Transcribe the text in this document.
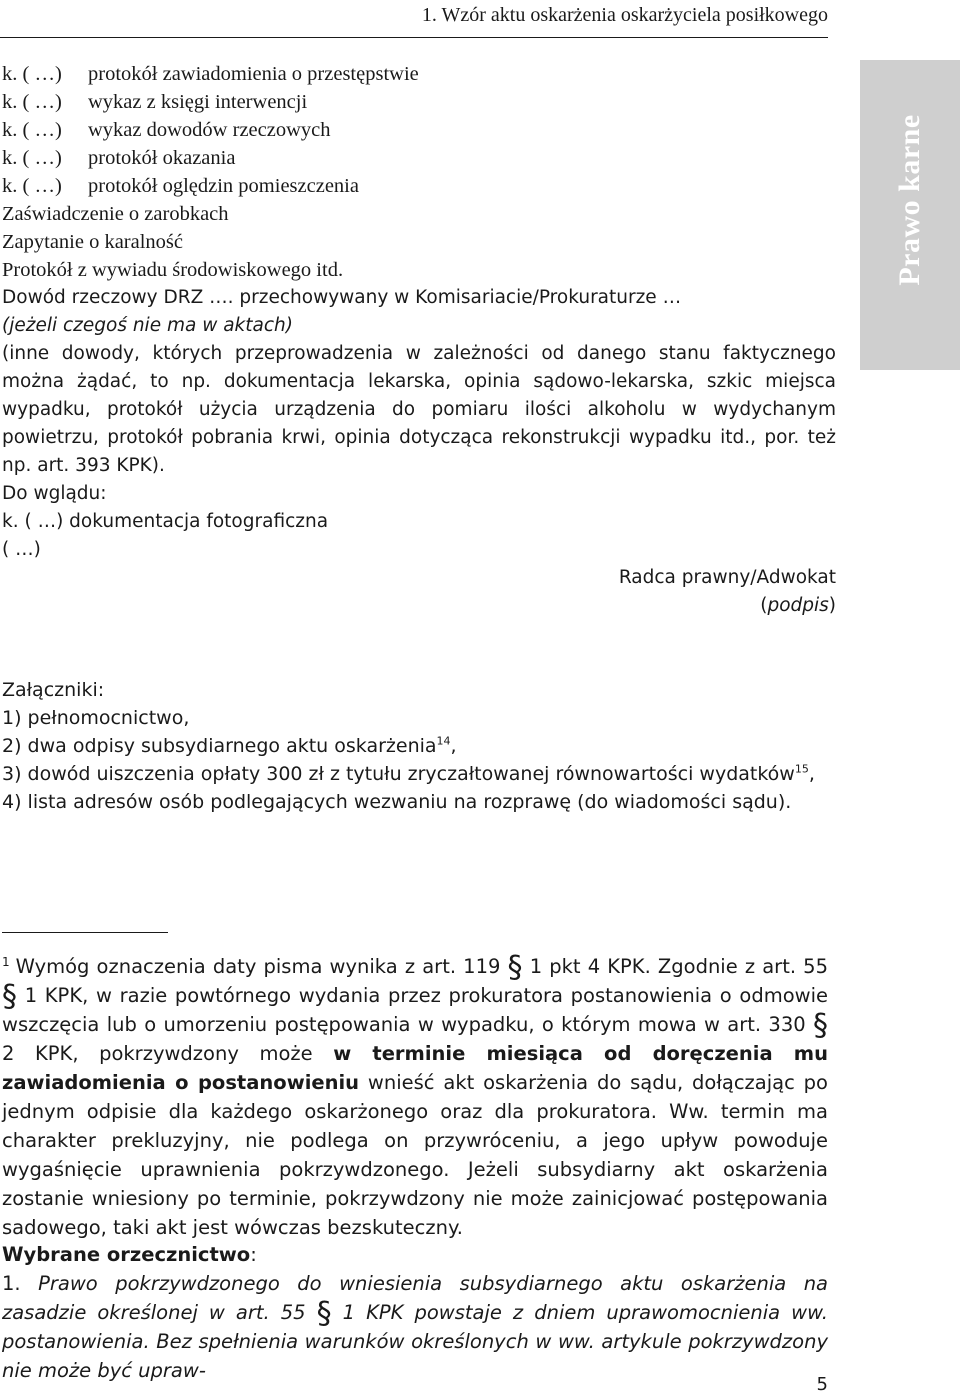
1. Wzór aktu oskarżenia oskarżyciela posiłkowego
Prawo karne
k. ( …) protokół zawiadomienia o przestępstwie
k. ( …) wykaz z księgi interwencji
k. ( …) wykaz dowodów rzeczowych
k. ( …) protokół okazania
k. ( …) protokół oględzin pomieszczenia
Zaświadczenie o zarobkach
Zapytanie o karalność
Protokół z wywiadu środowiskowego itd.
Dowód rzeczowy DRZ …. przechowywany w Komisariacie/Prokuraturze …
(jeżeli czegoś nie ma w aktach)
(inne dowody, których przeprowadzenia w zależności od danego stanu faktycznego można żądać, to np. dokumentacja lekarska, opinia sądowo-lekarska, szkic miejsca wypadku, protokół użycia urządzenia do pomiaru ilości alkoholu w wydychanym powietrzu, protokół pobrania krwi, opinia dotycząca rekonstrukcji wypadku itd., por. też np. art. 393 KPK).
Do wglądu:
k. ( …) dokumentacja fotograficzna
( …)
Radca prawny/Adwokat
(podpis)
Załączniki:
1) pełnomocnictwo,
2) dwa odpisy subsydiarnego aktu oskarżenia$^{14}$,
3) dowód uiszczenia opłaty 300 zł z tytułu zryczałtowanej równowartości wydatków$^{15}$,
4) lista adresów osób podlegających wezwaniu na rozprawę (do wiadomości sądu).
$^1$ Wymóg oznaczenia daty pisma wynika z art. 119 § 1 pkt 4 KPK. Zgodnie z art. 55 § 1 KPK, w razie powtórnego wydania przez prokuratora postanowienia o odmowie wszczęcia lub o umorzeniu postępowania w wypadku, o którym mowa w art. 330 § 2 KPK, pokrzywdzony może w terminie miesiąca od doręczenia mu zawiadomienia o postanowieniu wnieść akt oskarżenia do sądu, dołączając po jednym odpisie dla każdego oskarżonego oraz dla prokuratora. Ww. termin ma charakter prekluzyjny, nie podlega on przywróceniu, a jego upływ powoduje wygaśnięcie uprawnienia pokrzywdzonego. Jeżeli subsydiarny akt oskarżenia zostanie wniesiony po terminie, pokrzywdzony nie może zainicjować postępowania sadowego, taki akt jest wówczas bezskuteczny.
Wybrane orzecznictwo:
1. Prawo pokrzywdzonego do wniesienia subsydiarnego aktu oskarżenia na zasadzie określonej w art. 55 § 1 KPK powstaje z dniem uprawomocnienia ww. postanowienia. Bez spełnienia warunków określonych w ww. artykule pokrzywdzony nie może być upraw-
5
